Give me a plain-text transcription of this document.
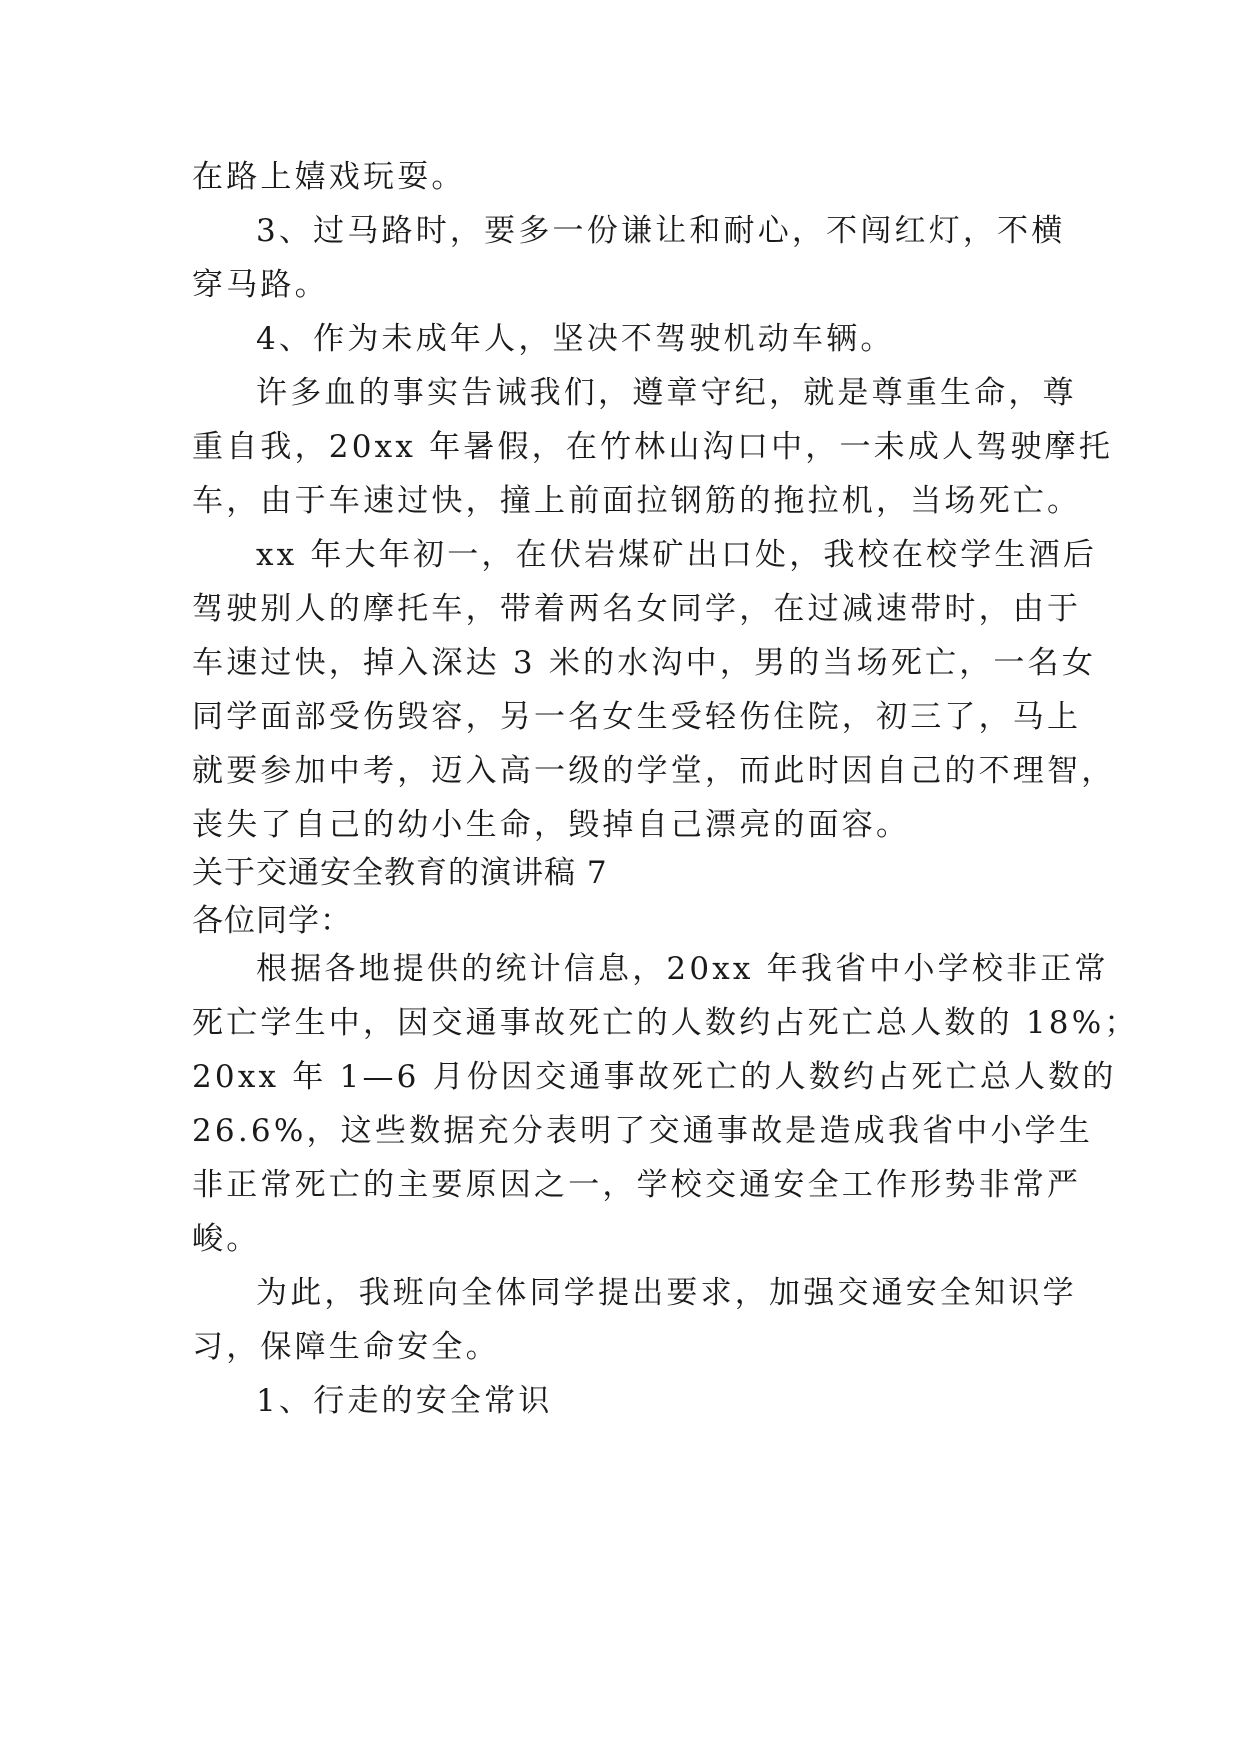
在路上嬉戏玩耍。
3、过马路时，要多一份谦让和耐心，不闯红灯，不横
穿马路。
4、作为未成年人，坚决不驾驶机动车辆。
许多血的事实告诫我们，遵章守纪，就是尊重生命，尊
重自我，20xx 年暑假，在竹林山沟口中，一未成人驾驶摩托
车，由于车速过快，撞上前面拉钢筋的拖拉机，当场死亡。
xx 年大年初一，在伏岩煤矿出口处，我校在校学生酒后
驾驶别人的摩托车，带着两名女同学，在过减速带时，由于
车速过快，掉入深达 3 米的水沟中，男的当场死亡，一名女
同学面部受伤毁容，另一名女生受轻伤住院，初三了，马上
就要参加中考，迈入高一级的学堂，而此时因自己的不理智，
丧失了自己的幼小生命，毁掉自己漂亮的面容。
关于交通安全教育的演讲稿 7
各位同学：
根据各地提供的统计信息，20xx 年我省中小学校非正常
死亡学生中，因交通事故死亡的人数约占死亡总人数的 18%；
20xx 年 1—6 月份因交通事故死亡的人数约占死亡总人数的
26.6%，这些数据充分表明了交通事故是造成我省中小学生
非正常死亡的主要原因之一，学校交通安全工作形势非常严
峻。
为此，我班向全体同学提出要求，加强交通安全知识学
习，保障生命安全。
1、行走的安全常识
